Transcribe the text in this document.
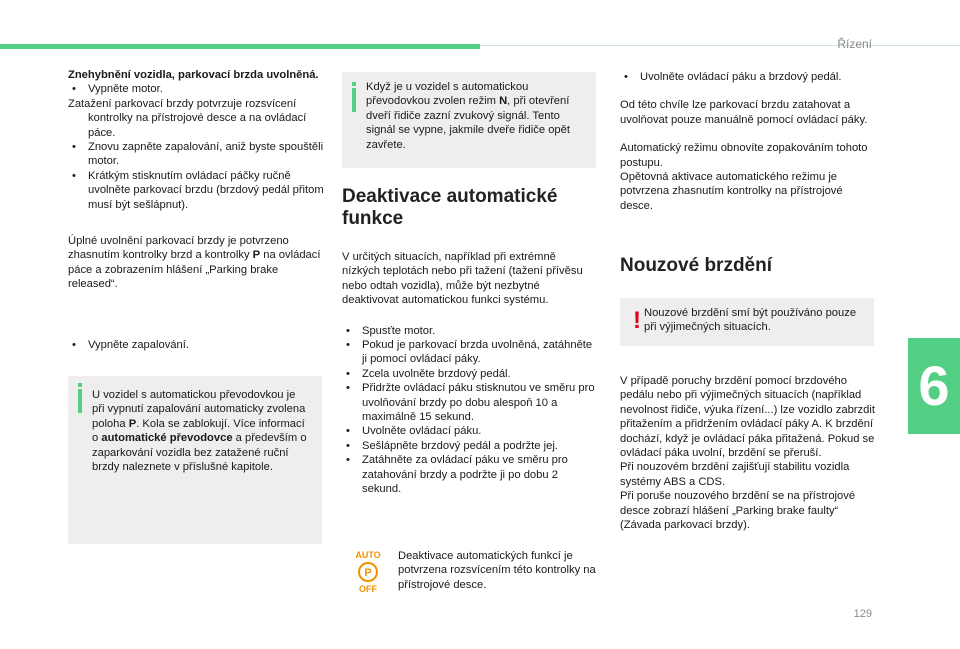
Řízení
6
129

Znehybnění vozidla, parkovací brzda uvolněná.

• Vypněte motor.

Zatažení parkovací brzdy potvrzuje rozsvícení kontrolky na přístrojové desce a na ovládací páce.

• Znovu zapněte zapalování, aniž byste spouštěli motor.

• Krátkým stisknutím ovládací páčky ručně uvolněte parkovací brzdu (brzdový pedál přitom musí být sešlápnut).

Úplné uvolnění parkovací brzdy je potvrzeno zhasnutím kontrolky brzd a kontrolky P na ovládací páce a zobrazením hlášení „Parking brake released“.

• Vypněte zapalování.

U vozidel s automatickou převodovkou je při vypnutí zapalování automaticky zvolena poloha P. Kola se zablokují. Více informací o automatické převodovce a především o zaparkování vozidla bez zatažené ruční brzdy naleznete v příslušné kapitole.
Když je u vozidel s automatickou převodovkou zvolen režim N, při otevření dveří řidiče zazní zvukový signál. Tento signál se vypne, jakmile dveře řidiče opět zavřete.
Deaktivace automatické funkce

V určitých situacích, například při extrémně nízkých teplotách nebo při tažení (tažení přívěsu nebo odtah vozidla), může být nezbytné deaktivovat automatickou funkci systému.

• Spusťte motor.

• Pokud je parkovací brzda uvolněná, zatáhněte ji pomocí ovládací páky.

• Zcela uvolněte brzdový pedál.

• Přidržte ovládací páku stisknutou ve směru pro uvolňování brzdy po dobu alespoň 10 a maximálně 15 sekund.

• Uvolněte ovládací páku.

• Sešlápněte brzdový pedál a podržte jej.

• Zatáhněte za ovládací páku ve směru pro zatahování brzdy a podržte ji po dobu 2 sekund.

AUTO
P
OFF

Deaktivace automatických funkcí je potvrzena rozsvícením této kontrolky na přístrojové desce.

• Uvolněte ovládací páku a brzdový pedál.

Od této chvíle lze parkovací brzdu zatahovat a uvolňovat pouze manuálně pomocí ovládací páky.

Automatický režimu obnovíte zopakováním tohoto postupu.

Opětovná aktivace automatického režimu je potvrzena zhasnutím kontrolky na přístrojové desce.

Nouzové brzdění
! Nouzové brzdění smí být používáno pouze při výjimečných situacích.

V případě poruchy brzdění pomocí brzdového pedálu nebo při výjimečných situacích (například nevolnost řidiče, výuka řízení...) lze vozidlo zabrzdit přitažením a přidržením ovládací páky A. K brzdění dochází, když je ovládací páka přitažená. Pokud se ovládací páka uvolní, brzdění se přeruší.

Při nouzovém brzdění zajišťují stabilitu vozidla systémy ABS a CDS.

Při poruše nouzového brzdění se na přístrojové desce zobrazí hlášení „Parking brake faulty“ (Závada parkovací brzdy).
